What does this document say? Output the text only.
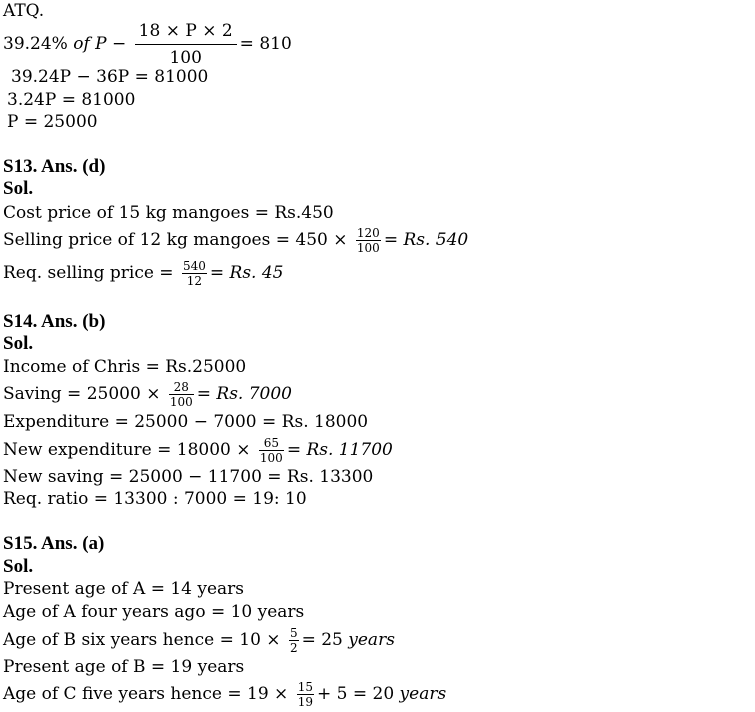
ATQ.
39.24% of $P - \frac{18 \times P \times 2}{100} = 810$
39.24P − 36P = 81000
3.24P = 81000
P = 25000
S13. Ans. (d)
Sol.
Cost price of 15 kg mangoes = Rs.450
Selling price of 12 kg mangoes = $450 \times \frac{120}{100} = Rs$. 540
Req. selling price = $\frac{540}{12} = Rs$. 45
S14. Ans. (b)
Sol.
Income of Chris = Rs.25000
Saving = $25000 \times \frac{28}{100} = Rs$. 7000
Expenditure = 25000 − 7000 = Rs. 18000
New expenditure = $18000 \times \frac{65}{100} = Rs$. 11700
New saving = 25000 − 11700 = Rs. 13300
Req. ratio = 13300 : 7000 = 19: 10
S15. Ans. (a)
Sol.
Present age of A = 14 years
Age of A four years ago = 10 years
Age of B six years hence = $10 \times \frac{5}{2} = 25$ years
Present age of B = 19 years
Age of C five years hence = $19 \times \frac{15}{19} + 5 = 20$ years
